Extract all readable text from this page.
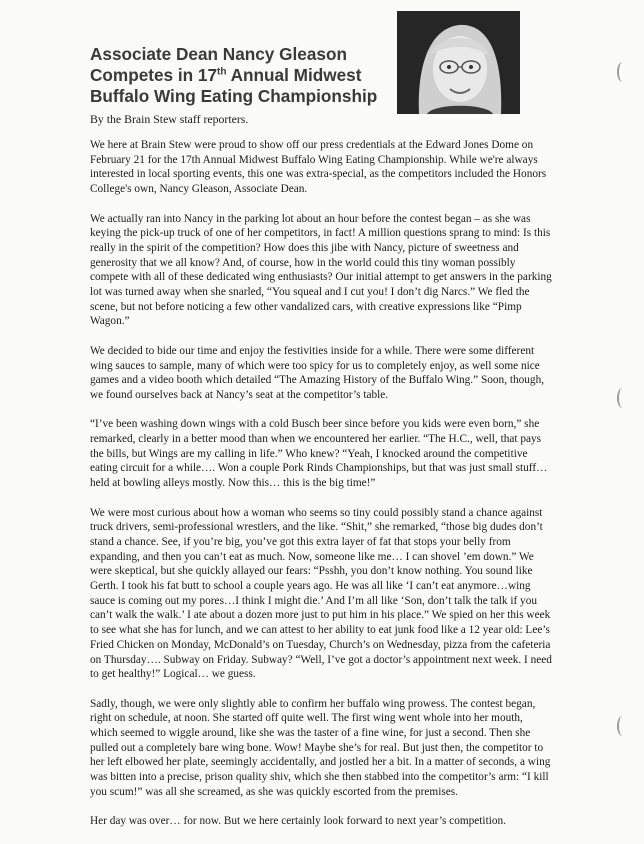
Associate Dean Nancy Gleason Competes in 17th Annual Midwest Buffalo Wing Eating Championship

By the Brain Stew staff reporters.

We here at Brain Stew were proud to show off our press credentials at the Edward Jones Dome on February 21 for the 17th Annual Midwest Buffalo Wing Eating Championship. While we're always interested in local sporting events, this one was extra-special, as the competitors included the Honors College's own, Nancy Gleason, Associate Dean.

We actually ran into Nancy in the parking lot about an hour before the contest began – as she was keying the pick-up truck of one of her competitors, in fact! A million questions sprang to mind: Is this really in the spirit of the competition? How does this jibe with Nancy, picture of sweetness and generosity that we all know? And, of course, how in the world could this tiny woman possibly compete with all of these dedicated wing enthusiasts? Our initial attempt to get answers in the parking lot was turned away when she snarled, “You squeal and I cut you! I don’t dig Narcs.” We fled the scene, but not before noticing a few other vandalized cars, with creative expressions like “Pimp Wagon.”

We decided to bide our time and enjoy the festivities inside for a while. There were some different wing sauces to sample, many of which were too spicy for us to completely enjoy, as well some nice games and a video booth which detailed “The Amazing History of the Buffalo Wing.” Soon, though, we found ourselves back at Nancy’s seat at the competitor’s table.

“I’ve been washing down wings with a cold Busch beer since before you kids were even born,” she remarked, clearly in a better mood than when we encountered her earlier. “The H.C., well, that pays the bills, but Wings are my calling in life.” Who knew? “Yeah, I knocked around the competitive eating circuit for a while…. Won a couple Pork Rinds Championships, but that was just small stuff… held at bowling alleys mostly. Now this… this is the big time!”

We were most curious about how a woman who seems so tiny could possibly stand a chance against truck drivers, semi-professional wrestlers, and the like. “Shit,” she remarked, “those big dudes don’t stand a chance. See, if you’re big, you’ve got this extra layer of fat that stops your belly from expanding, and then you can’t eat as much. Now, someone like me… I can shovel ’em down.” We were skeptical, but she quickly allayed our fears: “Psshh, you don’t know nothing. You sound like Gerth. I took his fat butt to school a couple years ago. He was all like ‘I can’t eat anymore…wing sauce is coming out my pores…I think I might die.’ And I’m all like ‘Son, don’t talk the talk if you can’t walk the walk.’ I ate about a dozen more just to put him in his place.” We spied on her this week to see what she has for lunch, and we can attest to her ability to eat junk food like a 12 year old: Lee’s Fried Chicken on Monday, McDonald’s on Tuesday, Church’s on Wednesday, pizza from the cafeteria on Thursday…. Subway on Friday. Subway? “Well, I’ve got a doctor’s appointment next week. I need to get healthy!” Logical… we guess.

Sadly, though, we were only slightly able to confirm her buffalo wing prowess. The contest began, right on schedule, at noon. She started off quite well. The first wing went whole into her mouth, which seemed to wiggle around, like she was the taster of a fine wine, for just a second. Then she pulled out a completely bare wing bone. Wow! Maybe she’s for real. But just then, the competitor to her left elbowed her plate, seemingly accidentally, and jostled her a bit. In a matter of seconds, a wing was bitten into a precise, prison quality shiv, which she then stabbed into the competitor’s arm: “I kill you scum!” was all she screamed, as she was quickly escorted from the premises.

Her day was over… for now. But we here certainly look forward to next year’s competition.
